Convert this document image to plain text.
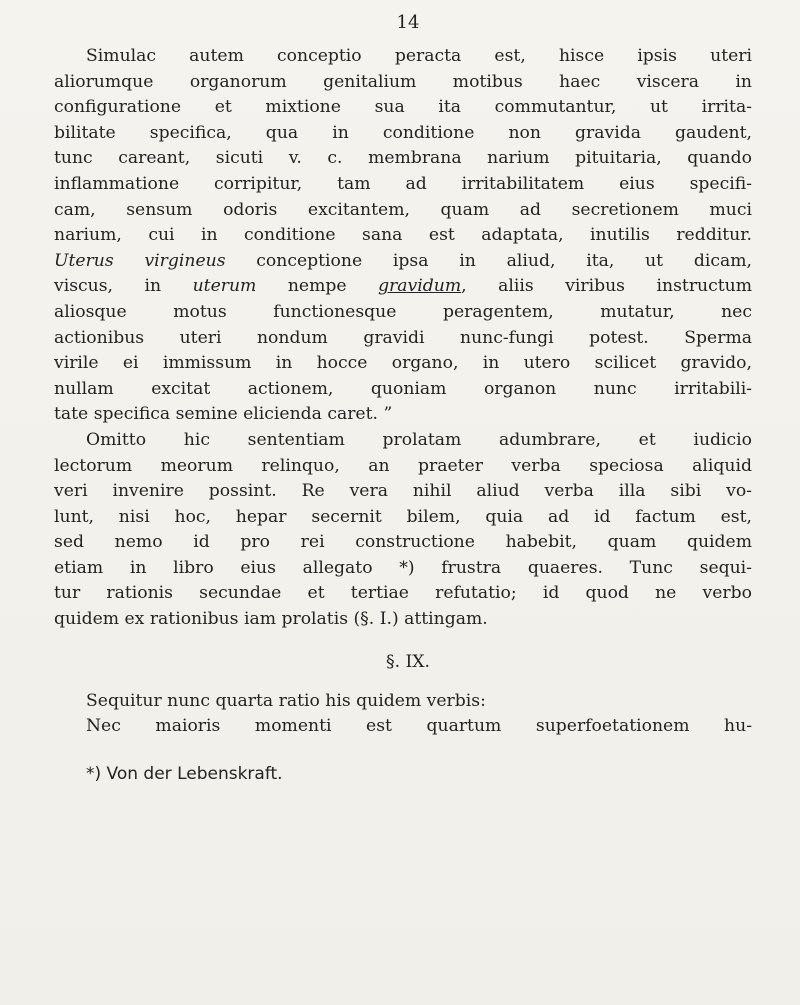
14
Simulac autem conceptio peracta est, hisce ipsis uteri
aliorumque organorum genitalium motibus haec viscera in
configuratione et mixtione sua ita commutantur, ut irrita-
bilitate specifica, qua in conditione non gravida gaudent,
tunc careant, sicuti v. c. membrana narium pituitaria, quando
inflammatione corripitur, tam ad irritabilitatem eius specifi-
cam, sensum odoris excitantem, quam ad secretionem muci
narium, cui in conditione sana est adaptata, inutilis redditur.
Uterus virgineus conceptione ipsa in aliud, ita, ut dicam,
viscus, in uterum nempe gravidum, aliis viribus instructum
aliosque motus functionesque peragentem, mutatur, nec
actionibus uteri nondum gravidi nunc-fungi potest. Sperma
virile ei immissum in hocce organo, in utero scilicet gravido,
nullam excitat actionem, quoniam organon nunc irritabili-
tate specifica semine elicienda caret. ”
Omitto hic sententiam prolatam adumbrare, et iudicio
lectorum meorum relinquo, an praeter verba speciosa aliquid
veri invenire possint. Re vera nihil aliud verba illa sibi vo-
lunt, nisi hoc, hepar secernit bilem, quia ad id factum est,
sed nemo id pro rei constructione habebit, quam quidem
etiam in libro eius allegato *) frustra quaeres. Tunc sequi-
tur rationis secundae et tertiae refutatio; id quod ne verbo
quidem ex rationibus iam prolatis (§. I.) attingam.
§. IX.
Sequitur nunc quarta ratio his quidem verbis:
Nec maioris momenti est quartum superfoetationem hu-
*) Von der Lebenskraft.
